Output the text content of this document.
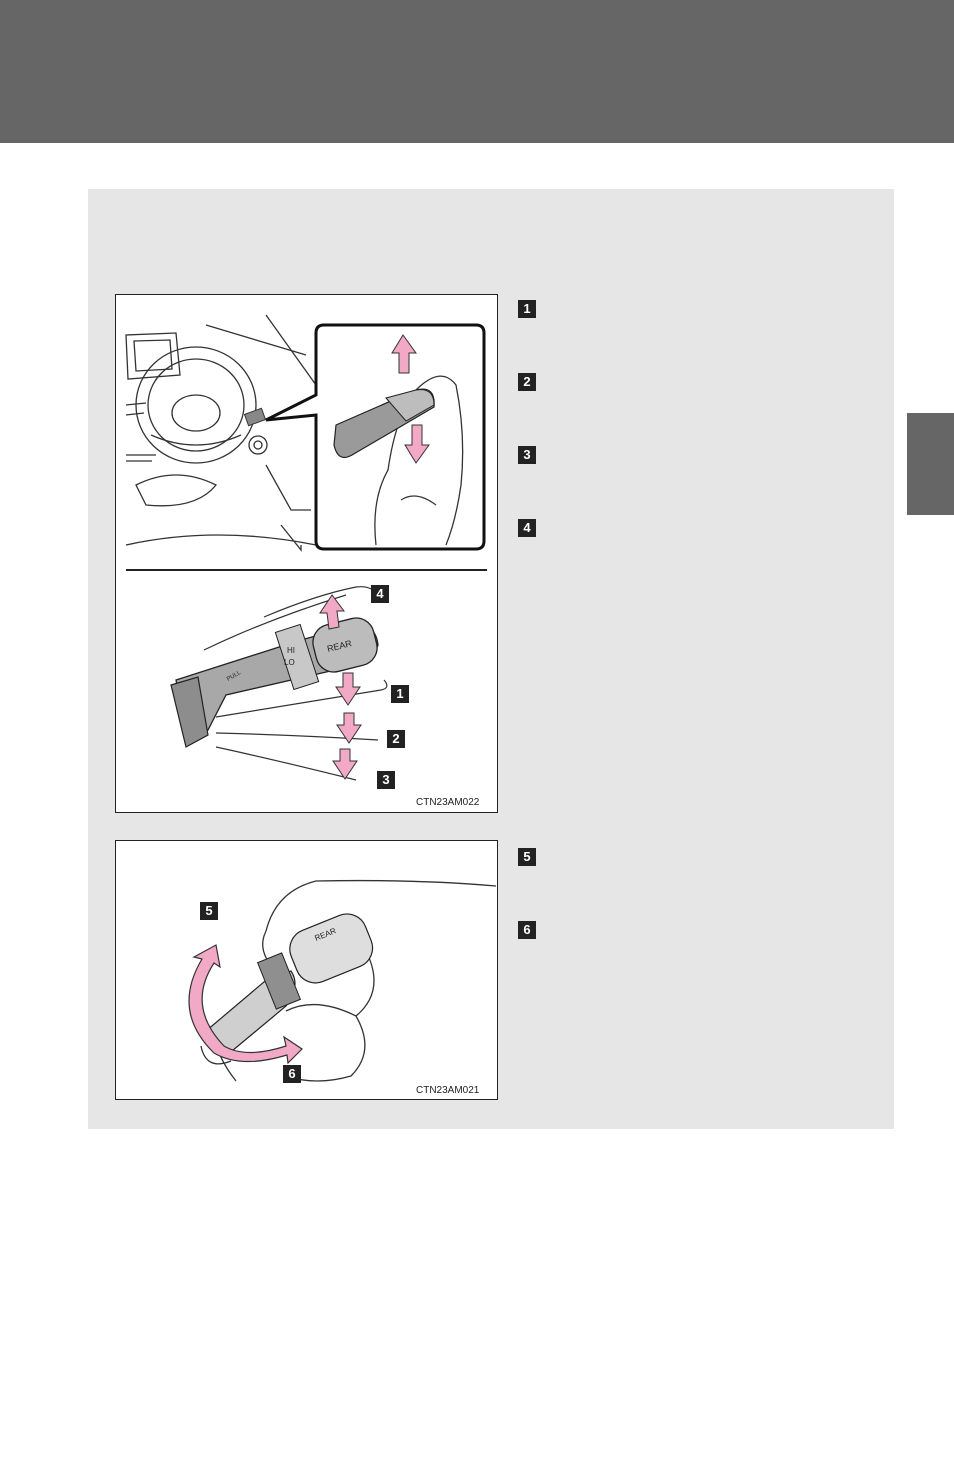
REAR
HI
LO
PULL
4
1
2
3
CTN23AM022
REAR
5
6
CTN23AM021
1
2
3
4
5
6
